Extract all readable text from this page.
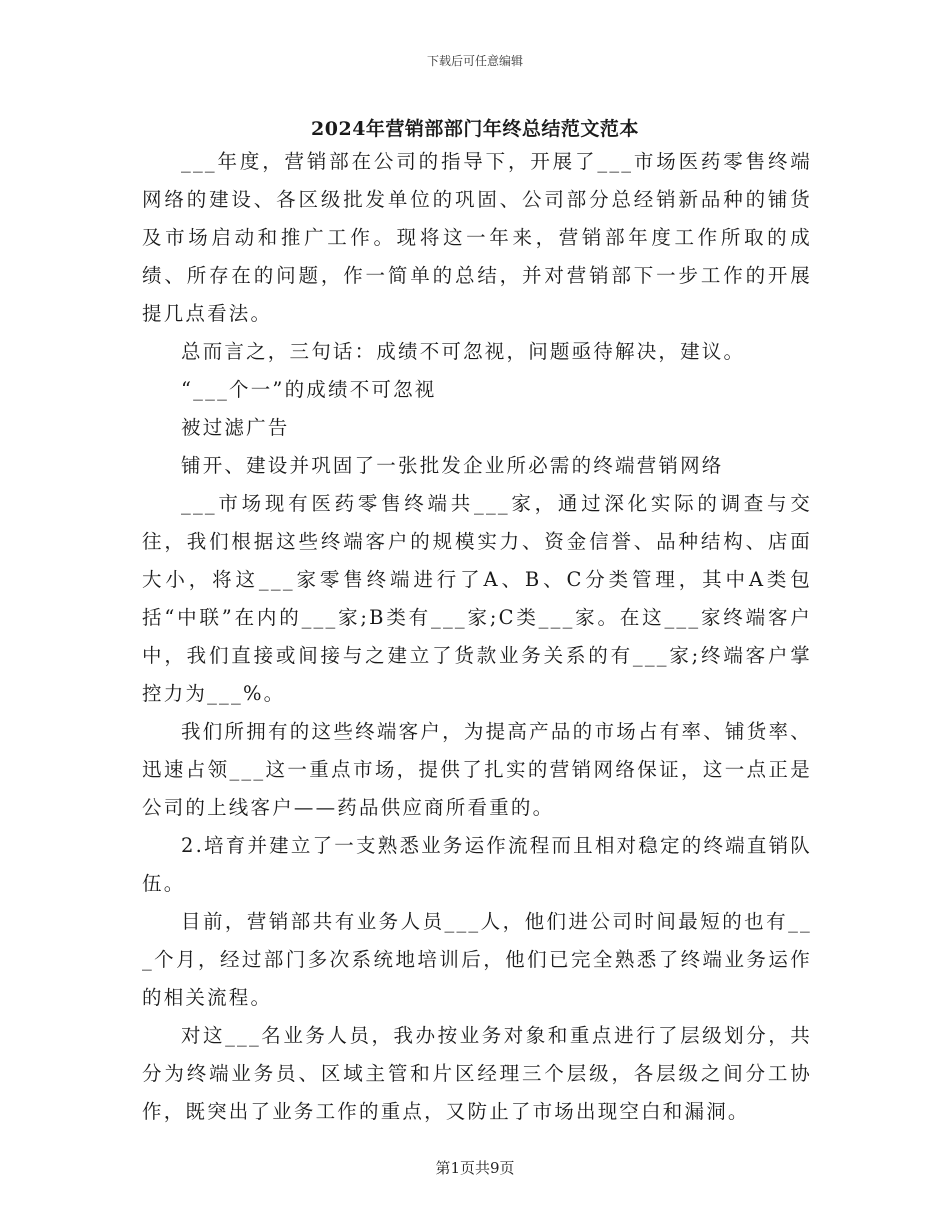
下载后可任意编辑
2024年营销部部门年终总结范文范本

___年度，营销部在公司的指导下，开展了___市场医药零售终端网络的建设、各区级批发单位的巩固、公司部分总经销新品种的铺货及市场启动和推广工作。现将这一年来，营销部年度工作所取的成绩、所存在的问题，作一简单的总结，并对营销部下一步工作的开展提几点看法。

总而言之，三句话：成绩不可忽视，问题亟待解决，建议。

“___个一”的成绩不可忽视

被过滤广告

铺开、建设并巩固了一张批发企业所必需的终端营销网络

___市场现有医药零售终端共___家，通过深化实际的调查与交往，我们根据这些终端客户的规模实力、资金信誉、品种结构、店面大小，将这___家零售终端进行了A、B、C分类管理，其中A类包括“中联”在内的___家;B类有___家;C类___家。在这___家终端客户中，我们直接或间接与之建立了货款业务关系的有___家;终端客户掌控力为___%。

我们所拥有的这些终端客户，为提高产品的市场占有率、铺货率、迅速占领___这一重点市场，提供了扎实的营销网络保证，这一点正是公司的上线客户——药品供应商所看重的。

2.培育并建立了一支熟悉业务运作流程而且相对稳定的终端直销队伍。

目前，营销部共有业务人员___人，他们进公司时间最短的也有___个月，经过部门多次系统地培训后，他们已完全熟悉了终端业务运作的相关流程。

对这___名业务人员，我办按业务对象和重点进行了层级划分，共分为终端业务员、区域主管和片区经理三个层级，各层级之间分工协作，既突出了业务工作的重点，又防止了市场出现空白和漏洞。

第1页共9页
